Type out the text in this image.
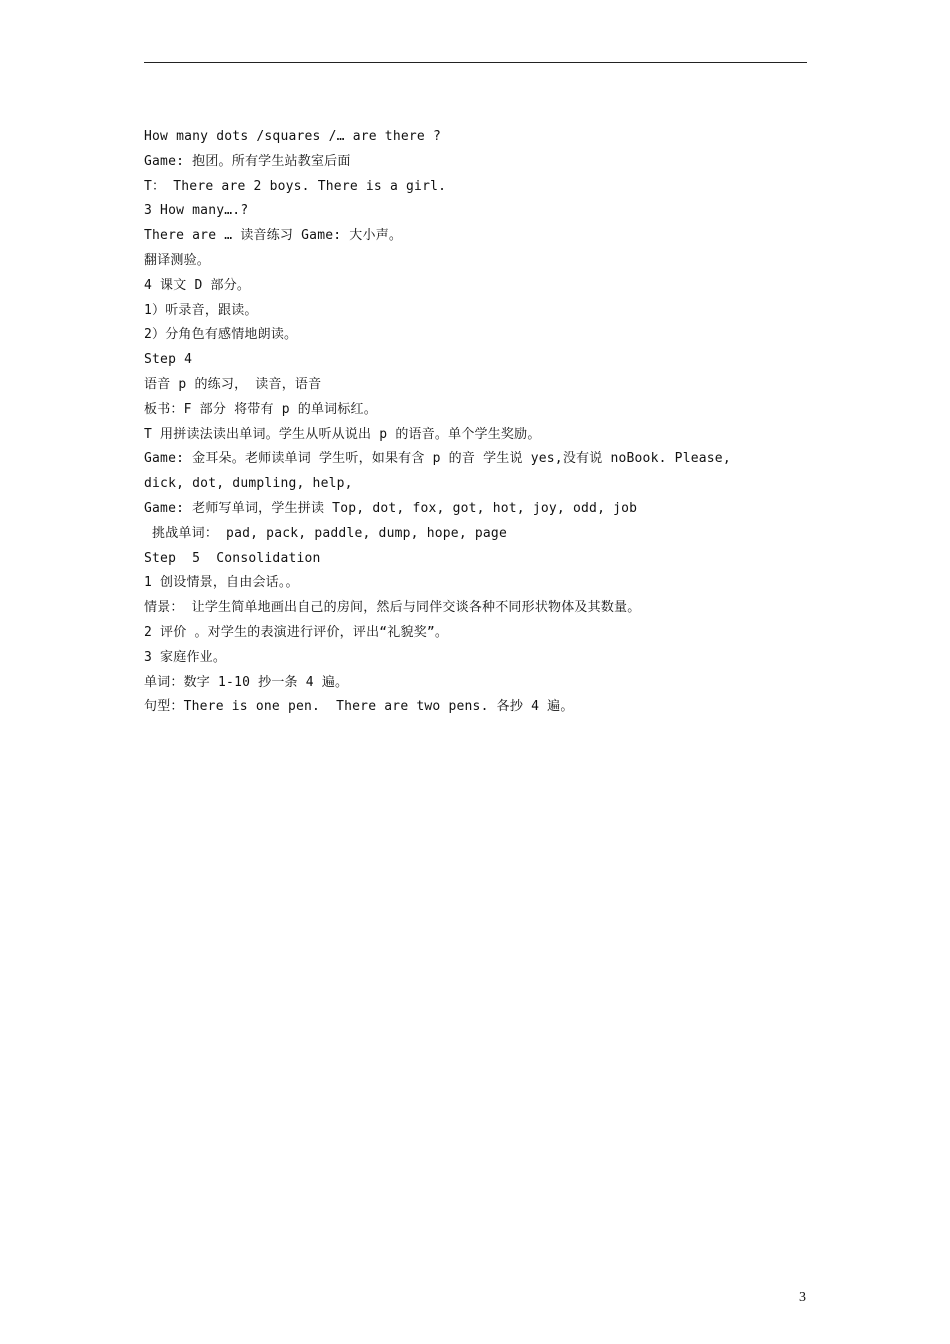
How many dots /squares /… are there ?
Game: 抱团。所有学生站教室后面
T： There are 2 boys. There is a girl.
3 How many….?
There are … 读音练习 Game: 大小声。
翻译测验。
4 课文 D 部分。
1）听录音，跟读。
2）分角色有感情地朗读。
Step 4
语音 p 的练习， 读音，语音
板书：F 部分 将带有 p 的单词标红。
T 用拼读法读出单词。学生从听从说出 p 的语音。单个学生奖励。
Game: 金耳朵。老师读单词 学生听，如果有含 p 的音 学生说 yes,没有说 noBook. Please,
dick, dot, dumpling, help,
Game: 老师写单词，学生拼读 Top, dot, fox, got, hot, joy, odd, job
挑战单词： pad, pack, paddle, dump, hope, page
Step  5  Consolidation
1 创设情景，自由会话。。
情景： 让学生简单地画出自己的房间，然后与同伴交谈各种不同形状物体及其数量。
2 评价 。对学生的表演进行评价，评出“礼貌奖”。
3 家庭作业。
单词：数字 1-10 抄一条 4 遍。
句型：There is one pen.  There are two pens. 各抄 4 遍。
3
